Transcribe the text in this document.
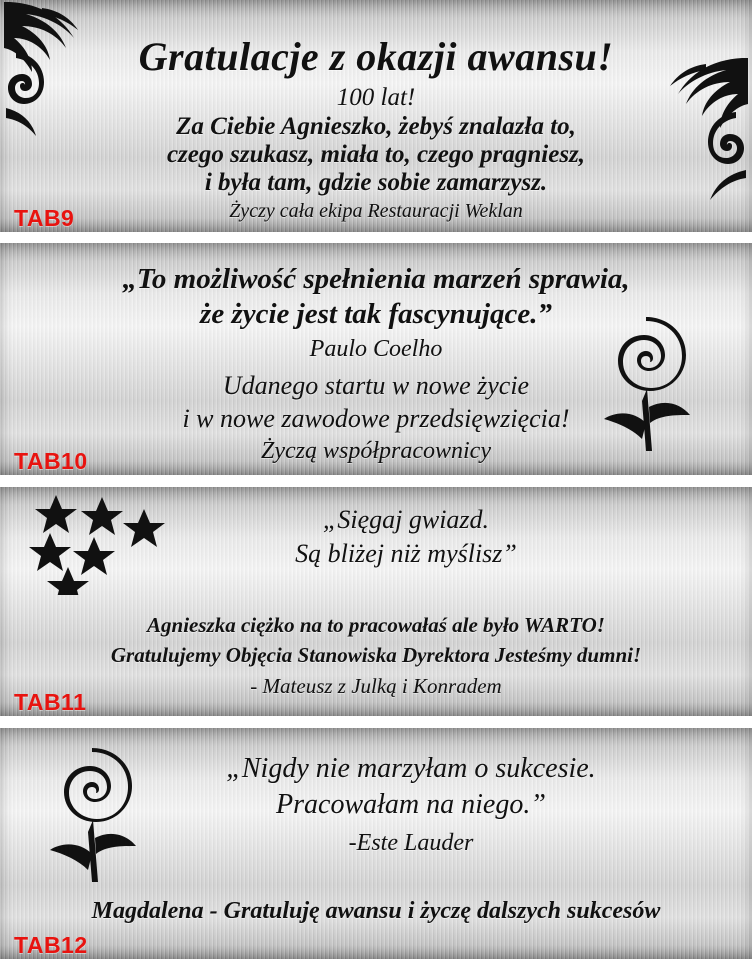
Gratulacje z okazji awansu!
100 lat!
Za Ciebie Agnieszko, żebyś znalazła to,
czego szukasz, miała to, czego pragniesz,
i była tam, gdzie sobie zamarzysz.
Życzy cała ekipa Restauracji Weklan
TAB9
„To możliwość spełnienia marzeń sprawia,
że życie jest tak fascynujące.”
Paulo Coelho
Udanego startu w nowe życie
i w nowe zawodowe przedsięwzięcia!
Życzą współpracownicy
TAB10
„Sięgaj gwiazd.
Są bliżej niż myślisz”
Agnieszka ciężko na to pracowałaś ale było WARTO!
Gratulujemy Objęcia Stanowiska Dyrektora Jesteśmy dumni!
- Mateusz z Julką i Konradem
TAB11
„Nigdy nie marzyłam o sukcesie.
Pracowałam na niego.”
-Este Lauder
Magdalena - Gratuluję awansu i życzę dalszych sukcesów
TAB12
